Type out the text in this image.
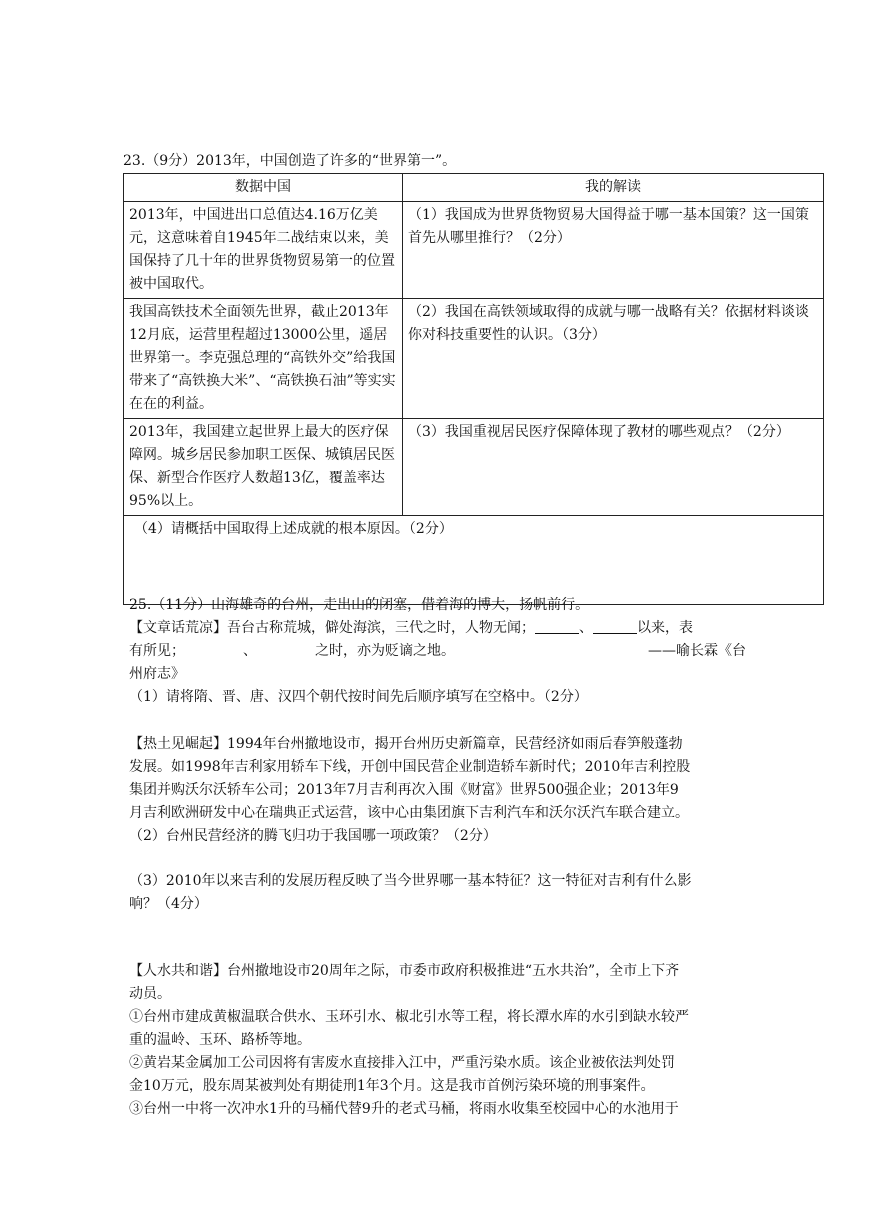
23.（9分）2013年，中国创造了许多的“世界第一”。
数据中国	我的解读
2013年，中国进出口总值达4.16万亿美元，这意味着自1945年二战结束以来，美国保持了几十年的世界货物贸易第一的位置被中国取代。	（1）我国成为世界货物贸易大国得益于哪一基本国策？这一国策首先从哪里推行？（2分）
我国高铁技术全面领先世界，截止2013年12月底，运营里程超过13000公里，遥居世界第一。李克强总理的“高铁外交”给我国带来了“高铁换大米”、“高铁换石油”等实实在在的利益。	（2）我国在高铁领域取得的成就与哪一战略有关？依据材料谈谈你对科技重要性的认识。（3分）
2013年，我国建立起世界上最大的医疗保障网。城乡居民参加职工医保、城镇居民医保、新型合作医疗人数超13亿，覆盖率达95%以上。	（3）我国重视居民医疗保障体现了教材的哪些观点？（2分）
（4）请概括中国取得上述成就的根本原因。（2分）	
25.（11分）山海雄奇的台州，走出山的闭塞，借着海的博大，扬帆前行。
【文章话荒凉】吾台古称荒城，僻处海滨，三代之时，人物无闻；	、	以来，表
有所见；	、	之时，亦为贬谪之地。	——喻长霖《台
州府志》
（1）请将隋、晋、唐、汉四个朝代按时间先后顺序填写在空格中。（2分）
【热土见崛起】1994年台州撤地设市，揭开台州历史新篇章，民营经济如雨后春笋般蓬勃
发展。如1998年吉利家用轿车下线，开创中国民营企业制造轿车新时代；2010年吉利控股
集团并购沃尔沃轿车公司；2013年7月吉利再次入围《财富》世界500强企业；2013年9
月吉利欧洲研发中心在瑞典正式运营，该中心由集团旗下吉利汽车和沃尔沃汽车联合建立。
（2）台州民营经济的腾飞归功于我国哪一项政策？（2分）
（3）2010年以来吉利的发展历程反映了当今世界哪一基本特征？这一特征对吉利有什么影
响？（4分）
【人水共和谐】台州撤地设市20周年之际，市委市政府积极推进“五水共治”，全市上下齐
动员。
①台州市建成黄椒温联合供水、玉环引水、椒北引水等工程，将长潭水库的水引到缺水较严
重的温岭、玉环、路桥等地。
②黄岩某金属加工公司因将有害废水直接排入江中，严重污染水质。该企业被依法判处罚
金10万元，股东周某被判处有期徒刑1年3个月。这是我市首例污染环境的刑事案件。
③台州一中将一次冲水1升的马桶代替9升的老式马桶，将雨水收集至校园中心的水池用于
